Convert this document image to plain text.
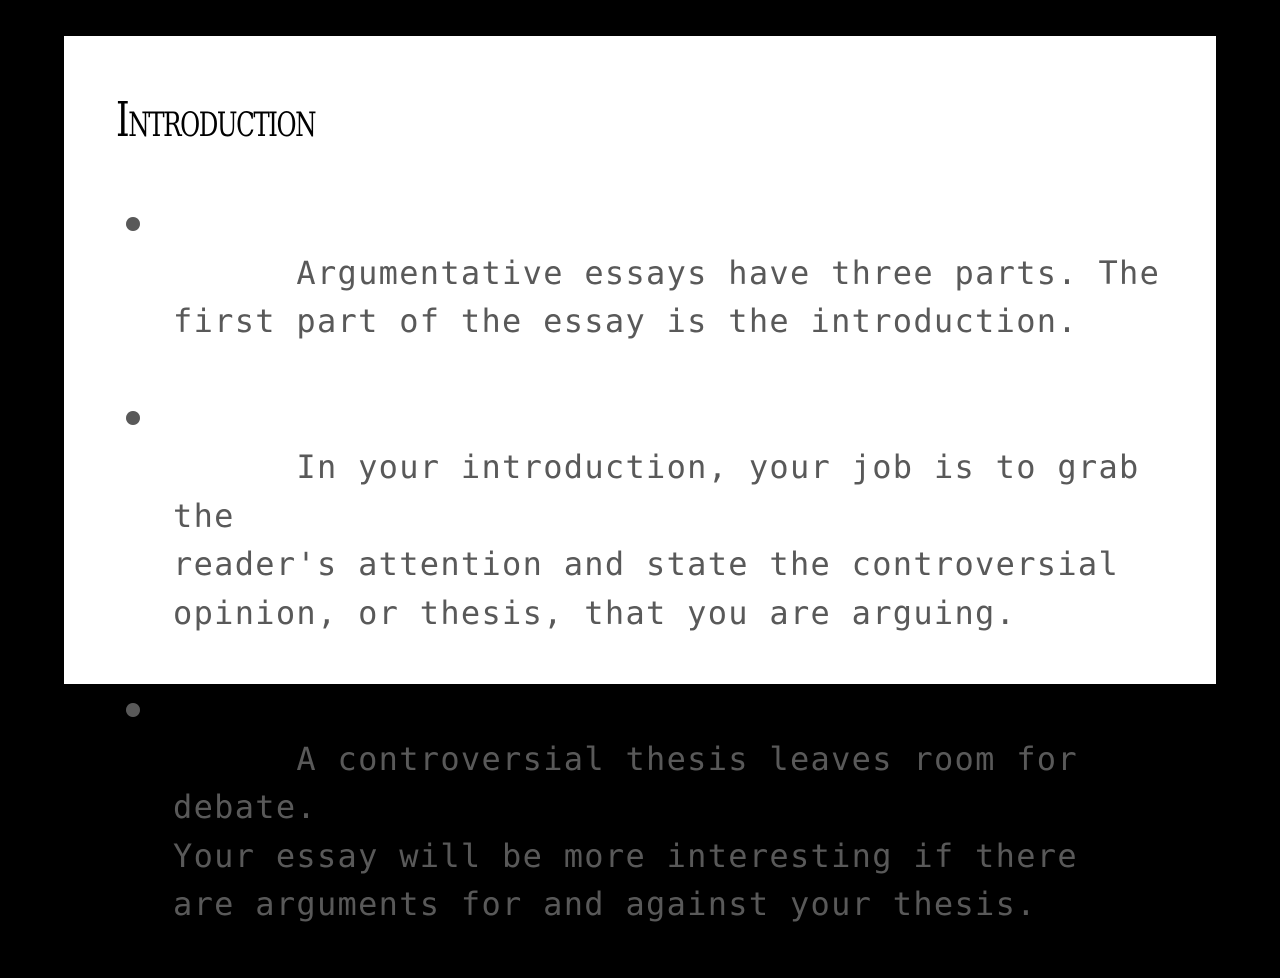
Introduction

Argumentative essays have three parts. The
first part of the essay is the introduction.

In your introduction, your job is to grab the
reader's attention and state the controversial
opinion, or thesis, that you are arguing.

A controversial thesis leaves room for debate.
Your essay will be more interesting if there
are arguments for and against your thesis.
